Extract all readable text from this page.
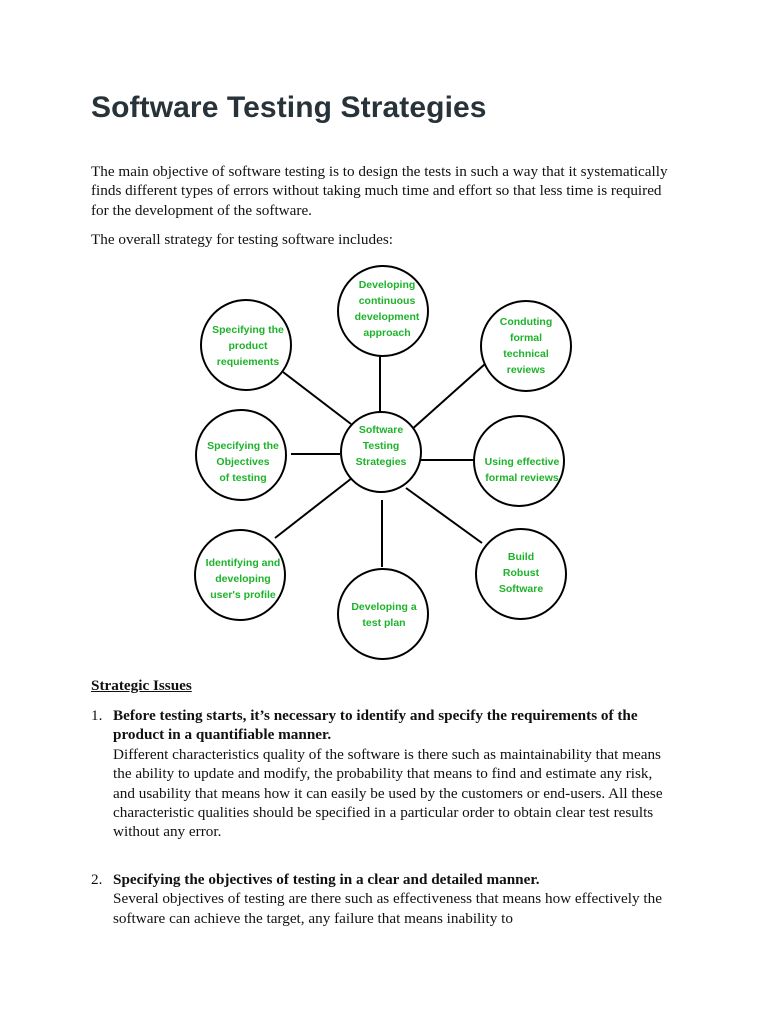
Software Testing Strategies

The main objective of software testing is to design the tests in such a way that it systematically finds different types of errors without taking much time and effort so that less time is required for the development of the software.

The overall strategy for testing software includes:

Software
Testing
Strategies
Developing
continuous
development
approach
Conduting formal
technical reviews
Using effective
formal reviews
Build
Robust Software
Developing a
test plan
Identifying and
developing
user's profile
Specifying the
Objectives
of testing
Specifying the
product
requiements
Strategic Issues
1. Before testing starts, it’s necessary to identify and specify the requirements of the product in a quantifiable manner.
Different characteristics quality of the software is there such as maintainability that means the ability to update and modify, the probability that means to find and estimate any risk, and usability that means how it can easily be used by the customers or end-users. All these characteristic qualities should be specified in a particular order to obtain clear test results without any error.
2. Specifying the objectives of testing in a clear and detailed manner.
Several objectives of testing are there such as effectiveness that means how effectively the software can achieve the target, any failure that means inability to
